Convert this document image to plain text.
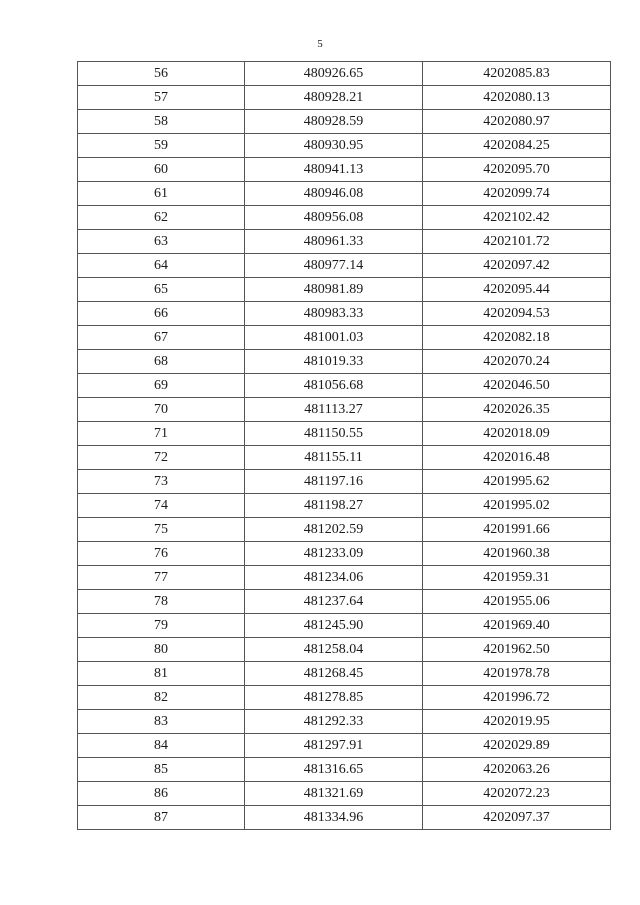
5
56	480926.65	4202085.83
57	480928.21	4202080.13
58	480928.59	4202080.97
59	480930.95	4202084.25
60	480941.13	4202095.70
61	480946.08	4202099.74
62	480956.08	4202102.42
63	480961.33	4202101.72
64	480977.14	4202097.42
65	480981.89	4202095.44
66	480983.33	4202094.53
67	481001.03	4202082.18
68	481019.33	4202070.24
69	481056.68	4202046.50
70	481113.27	4202026.35
71	481150.55	4202018.09
72	481155.11	4202016.48
73	481197.16	4201995.62
74	481198.27	4201995.02
75	481202.59	4201991.66
76	481233.09	4201960.38
77	481234.06	4201959.31
78	481237.64	4201955.06
79	481245.90	4201969.40
80	481258.04	4201962.50
81	481268.45	4201978.78
82	481278.85	4201996.72
83	481292.33	4202019.95
84	481297.91	4202029.89
85	481316.65	4202063.26
86	481321.69	4202072.23
87	481334.96	4202097.37
